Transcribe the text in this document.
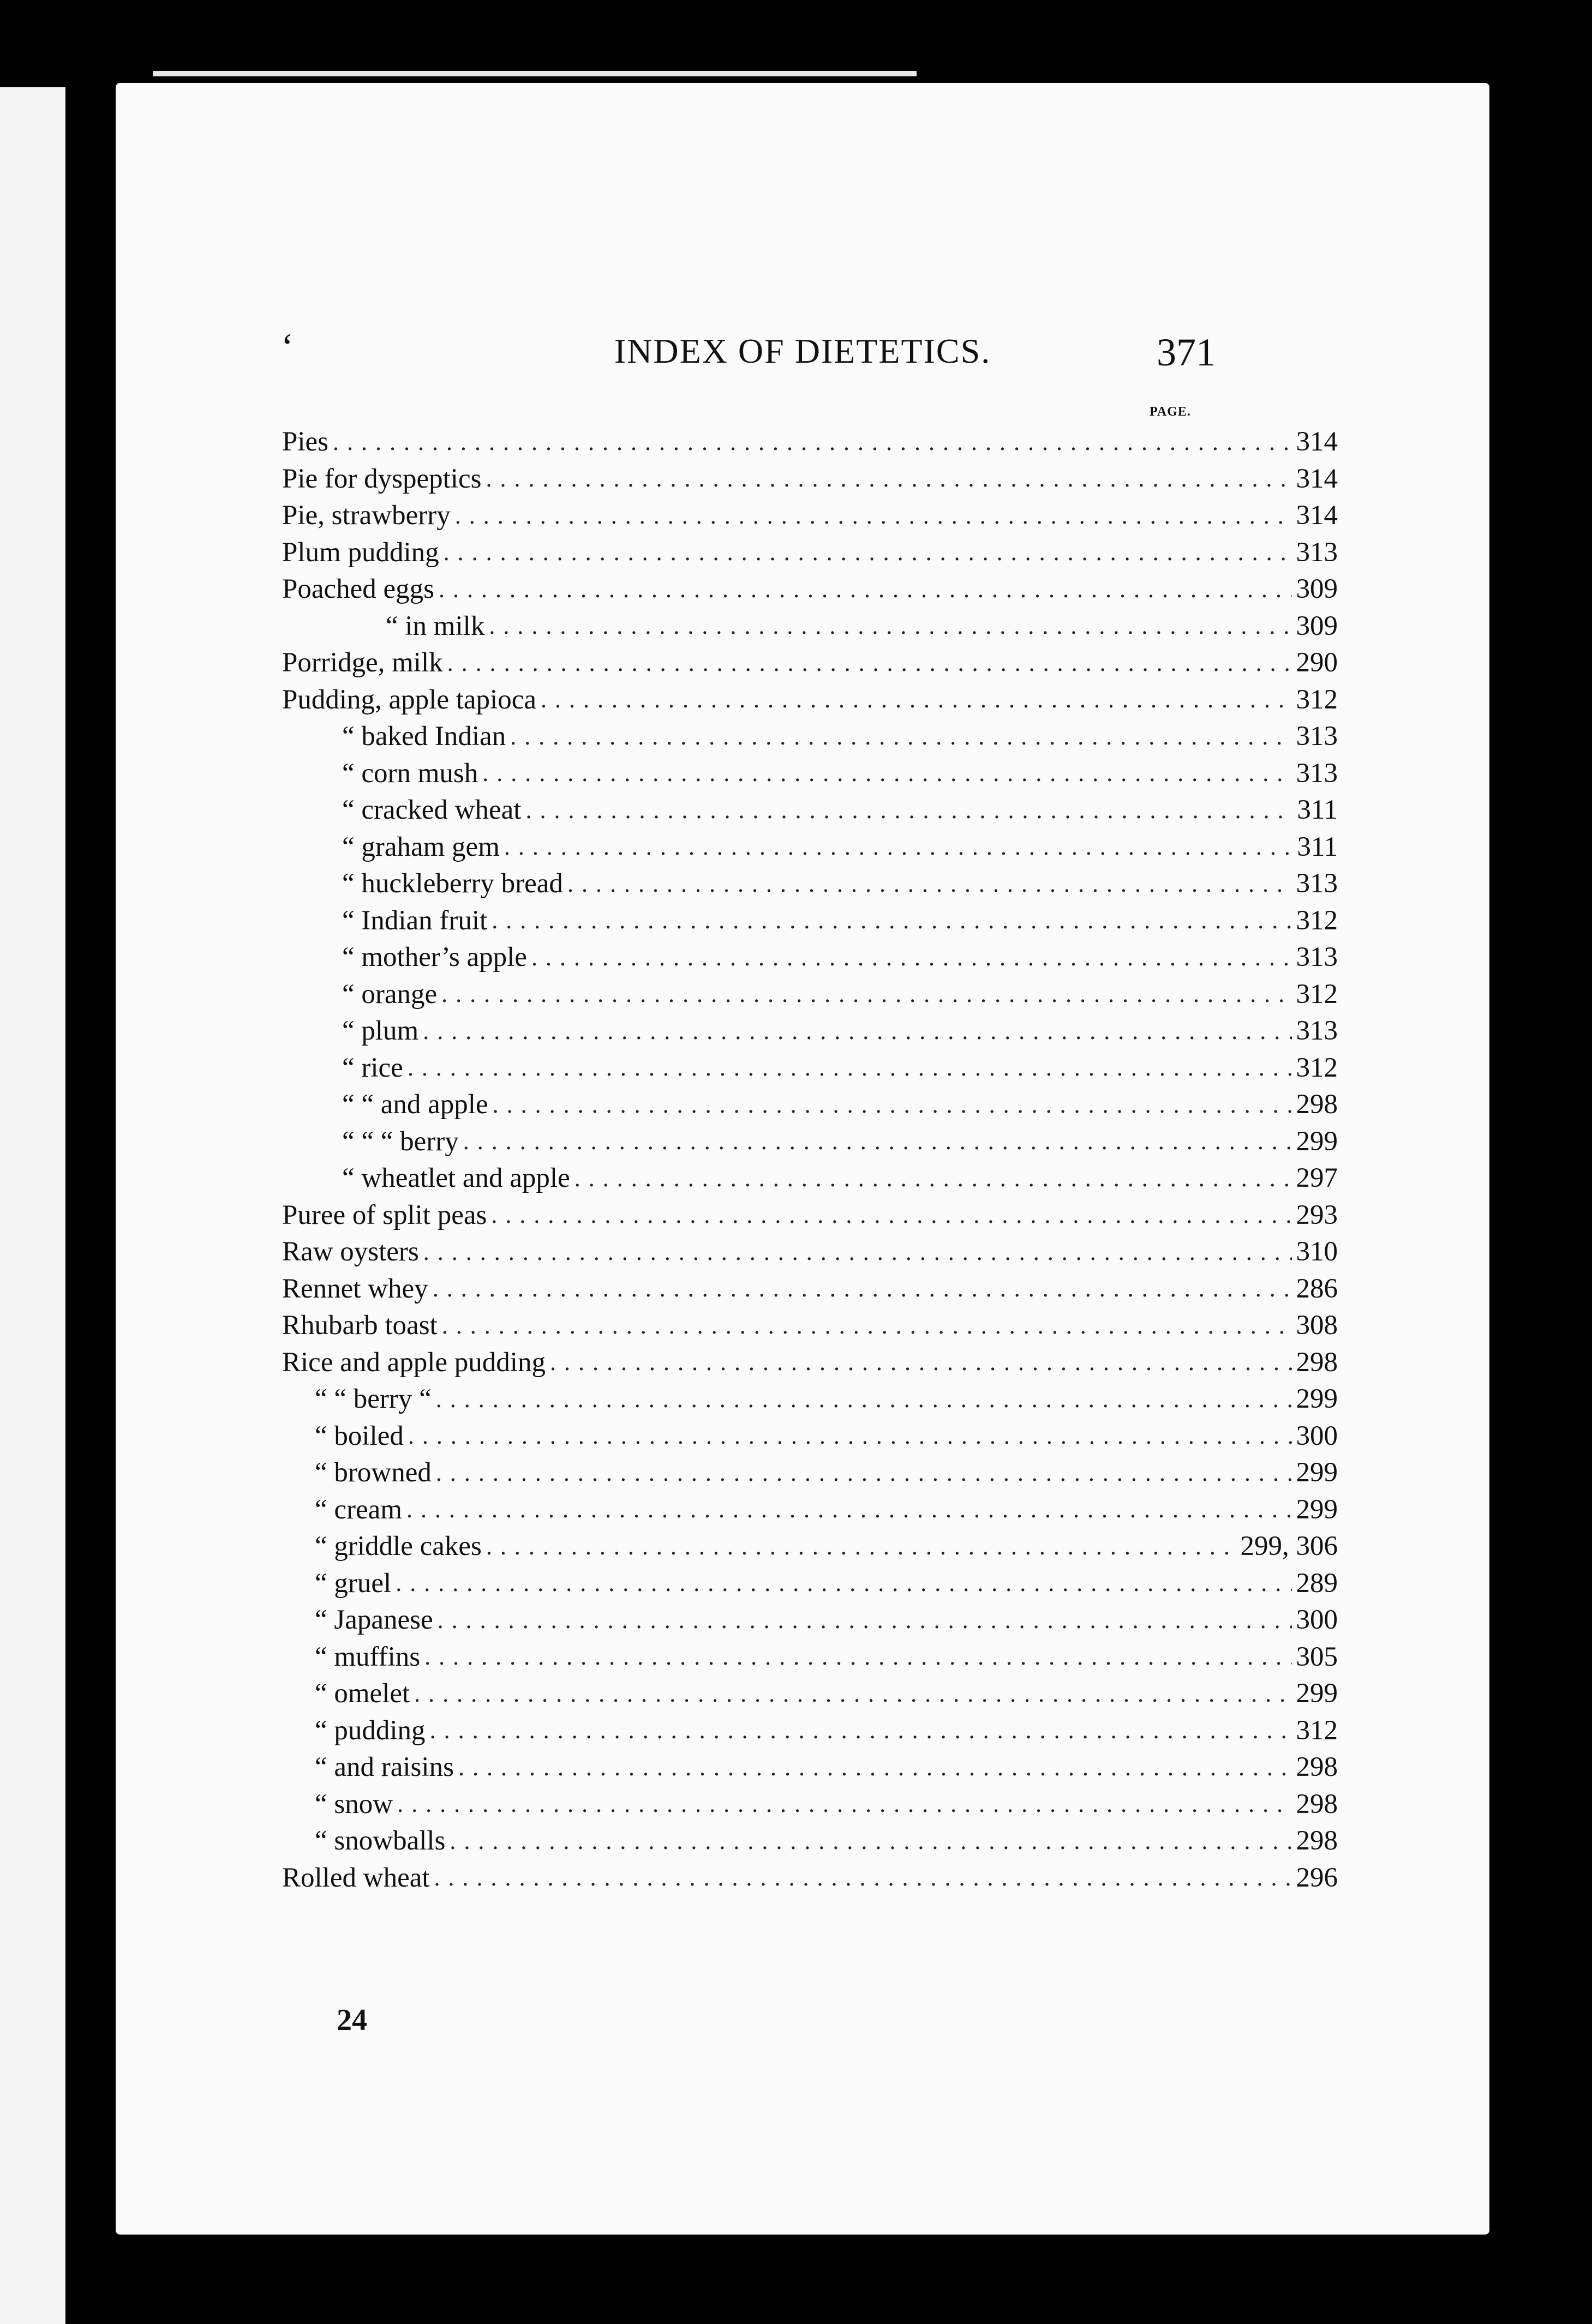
‘	INDEX OF DIETETICS.	371
PAGE.
Pies . . .	314
Pie for dyspeptics . . .	314
Pie, strawberry . . .	314
Plum pudding . . .	313
Poached eggs . . .	309
“ in milk . . .	309
Porridge, milk . . .	290
Pudding, apple tapioca . . .	312
“ baked Indian . . .	313
“ corn mush . . .	313
“ cracked wheat . . .	311
“ graham gem . . .	311
“ huckleberry bread . . .	313
“ Indian fruit . . .	312
“ mother’s apple . . .	313
“ orange . . .	312
“ plum . . .	313
“ rice . . .	312
“ “ and apple . . .	298
“ “ “ berry . . .	299
“ wheatlet and apple . . .	297
Puree of split peas . . .	293
Raw oysters . . .	310
Rennet whey . . .	286
Rhubarb toast . . .	308
Rice and apple pudding . . .	298
“ “ berry “ . . .	299
“ boiled . . .	300
“ browned . . .	299
“ cream . . .	299
“ griddle cakes . . .	299, 306
“ gruel . . .	289
“ Japanese . . .	300
“ muffins . . .	305
“ omelet . . .	299
“ pudding . . .	312
“ and raisins . . .	298
“ snow . . .	298
“ snowballs . . .	298
Rolled wheat . . .	296
24
